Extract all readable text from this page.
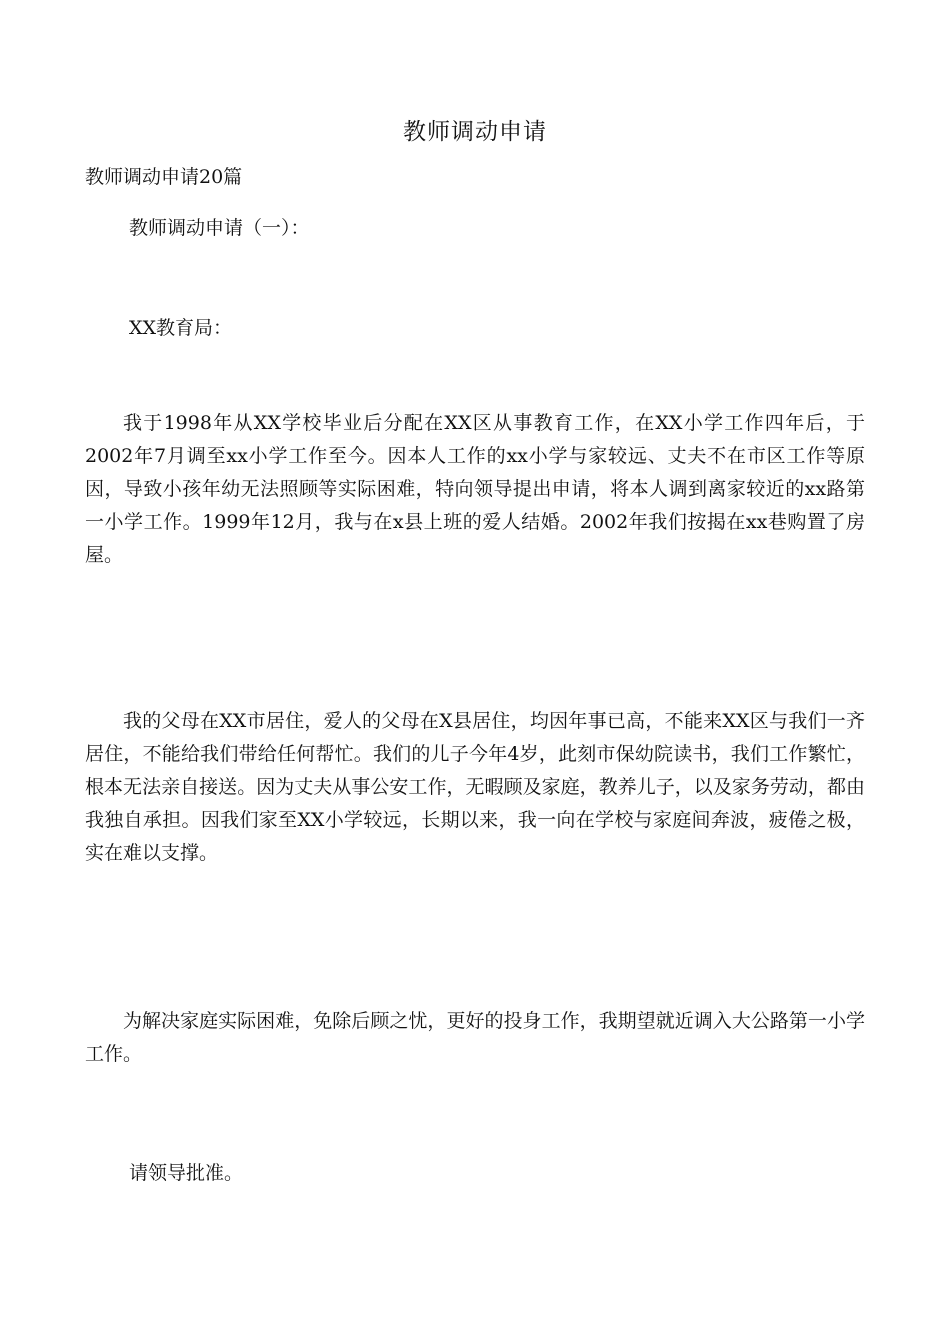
教师调动申请
教师调动申请20篇
教师调动申请（一）：
XX教育局：

我于1998年从XX学校毕业后分配在XX区从事教育工作，在XX小学工作四年后，于2002年7月调至xx小学工作至今。因本人工作的xx小学与家较远、丈夫不在市区工作等原因，导致小孩年幼无法照顾等实际困难，特向领导提出申请，将本人调到离家较近的xx路第一小学工作。1999年12月，我与在x县上班的爱人结婚。2002年我们按揭在xx巷购置了房屋。

我的父母在XX市居住，爱人的父母在X县居住，均因年事已高，不能来XX区与我们一齐居住，不能给我们带给任何帮忙。我们的儿子今年4岁，此刻市保幼院读书，我们工作繁忙，根本无法亲自接送。因为丈夫从事公安工作，无暇顾及家庭，教养儿子，以及家务劳动，都由我独自承担。因我们家至XX小学较远，长期以来，我一向在学校与家庭间奔波，疲倦之极，实在难以支撑。

为解决家庭实际困难，免除后顾之忧，更好的投身工作，我期望就近调入大公路第一小学工作。

请领导批准。
